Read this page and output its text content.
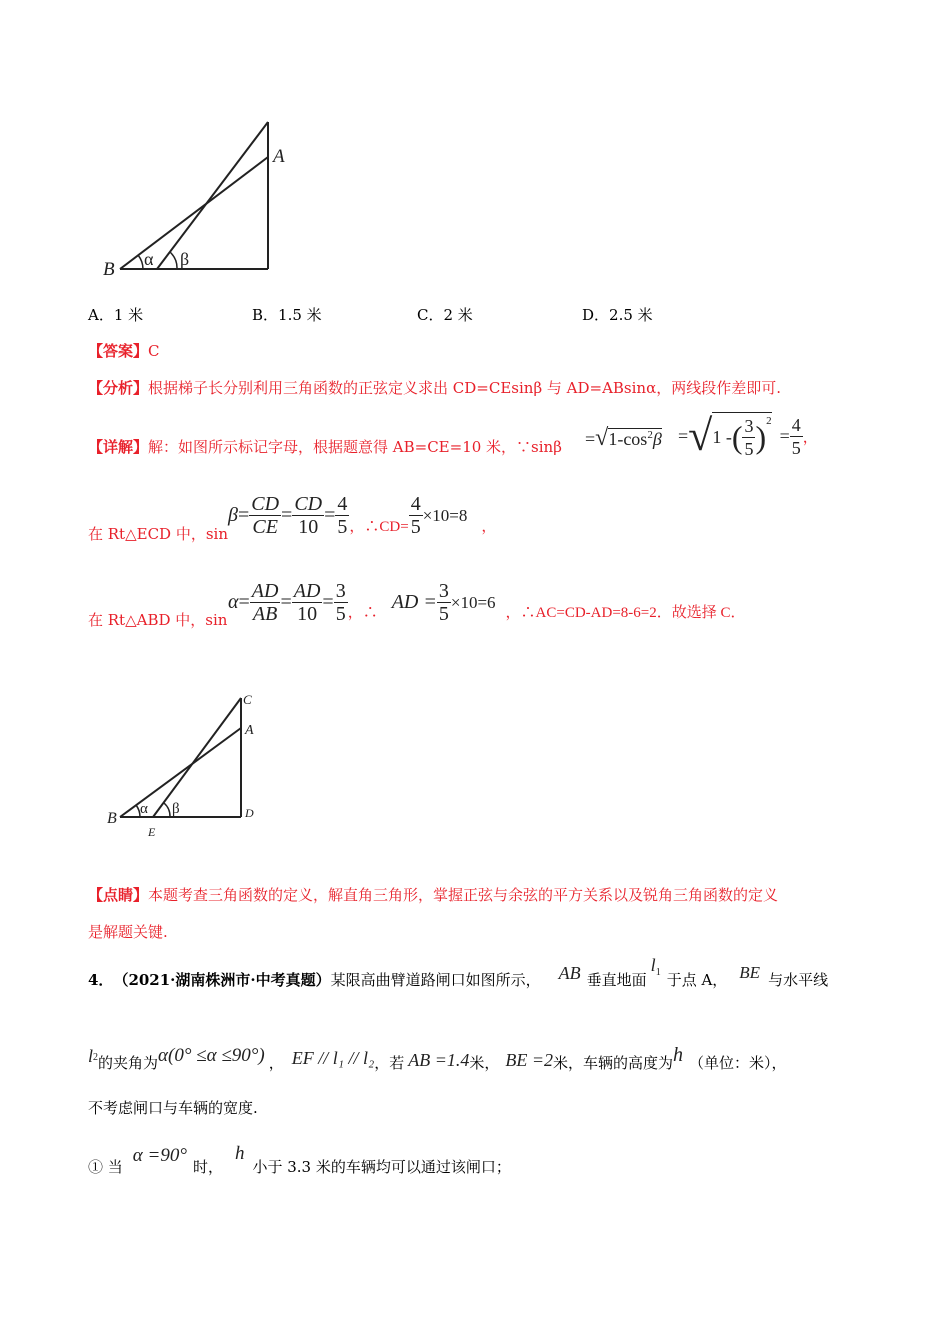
A
B α β
A．1 米	B．1.5 米	C．2 米	D．2.5 米
【答案】C
【分析】根据梯子长分别利用三角函数的正弦定义求出 CD=CEsinβ 与 AD=ABsinα，两线段作差即可.
【详解】解：如图所示标记字母，根据题意得 AB=CE=10 米，∵sinβ $=√1-\cos^2\beta$ = √ 1 - ( $\frac{3}{5} )^2$
= $\frac{4}{5}$ ，
在 Rt△ECD 中，sin
$\beta = \frac{CD}{CE} = \frac{CD}{10} = \frac{4}{5}$ ，∴CD= $\frac{4}{5} \times 10=8$
，
在 Rt△ABD 中，sin
$\alpha = \frac{AD}{AB} = \frac{AD}{10} = \frac{3}{5}$ ，∴ AD = $\frac{3}{5} \times 10=6$
，∴AC=CD-AD=8-6=2．故选择 C．
C
A
B	D
E
α β
【点睛】本题考查三角函数的定义，解直角三角形，掌握正弦与余弦的平方关系以及锐角三角函数的定义
是解题关键.
4． （2021·湖南株洲市·中考真题） 某限高曲臂道路闸口如图所示， AB 垂直地面
$l_1$ 于点 A， BE 与水平线
l 2 的夹角为 α(0° ≤α ≤90°) ， EF // l₁ // l₂ ，若 AB =1.4 米， BE =2 米，车辆的高度为 h （单位：米），
不考虑闸口与车辆的宽度.
① 当
α =90°
时，
h
小于 3.3 米的车辆均可以通过该闸口；
